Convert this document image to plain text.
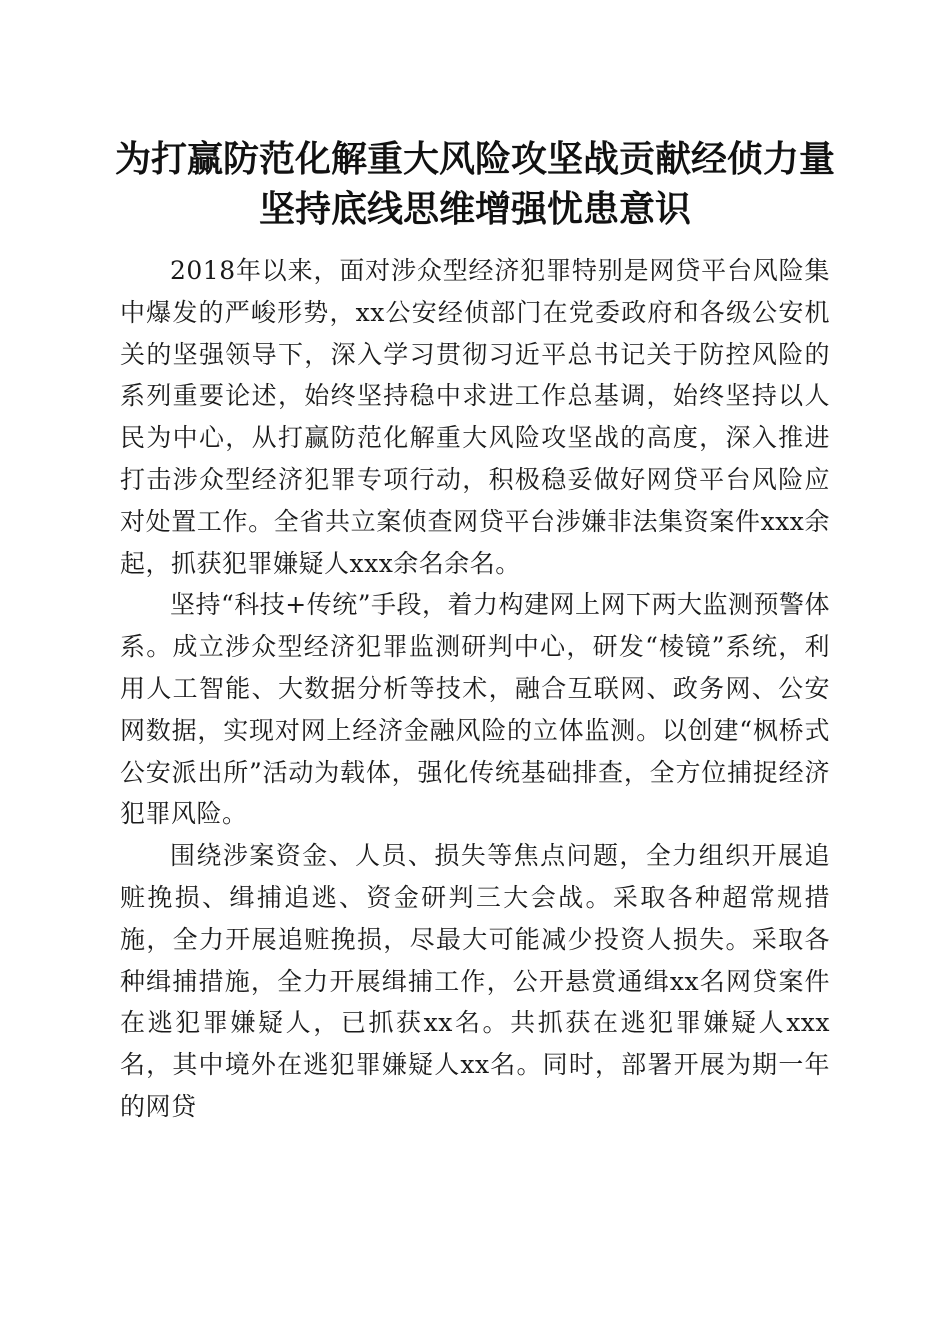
为打赢防范化解重大风险攻坚战贡献经侦力量
坚持底线思维增强忧患意识

2018年以来，面对涉众型经济犯罪特别是网贷平台风险集中爆发的严峻形势，xx公安经侦部门在党委政府和各级公安机关的坚强领导下，深入学习贯彻习近平总书记关于防控风险的系列重要论述，始终坚持稳中求进工作总基调，始终坚持以人民为中心，从打赢防范化解重大风险攻坚战的高度，深入推进打击涉众型经济犯罪专项行动，积极稳妥做好网贷平台风险应对处置工作。全省共立案侦查网贷平台涉嫌非法集资案件xxx余起，抓获犯罪嫌疑人xxx余名余名。

坚持“科技+传统”手段，着力构建网上网下两大监测预警体系。成立涉众型经济犯罪监测研判中心，研发“棱镜”系统，利用人工智能、大数据分析等技术，融合互联网、政务网、公安网数据，实现对网上经济金融风险的立体监测。以创建“枫桥式公安派出所”活动为载体，强化传统基础排查，全方位捕捉经济犯罪风险。

围绕涉案资金、人员、损失等焦点问题，全力组织开展追赃挽损、缉捕追逃、资金研判三大会战。采取各种超常规措施，全力开展追赃挽损，尽最大可能减少投资人损失。采取各种缉捕措施，全力开展缉捕工作，公开悬赏通缉xx名网贷案件在逃犯罪嫌疑人，已抓获xx名。共抓获在逃犯罪嫌疑人xxx名，其中境外在逃犯罪嫌疑人xx名。同时，部署开展为期一年的网贷
